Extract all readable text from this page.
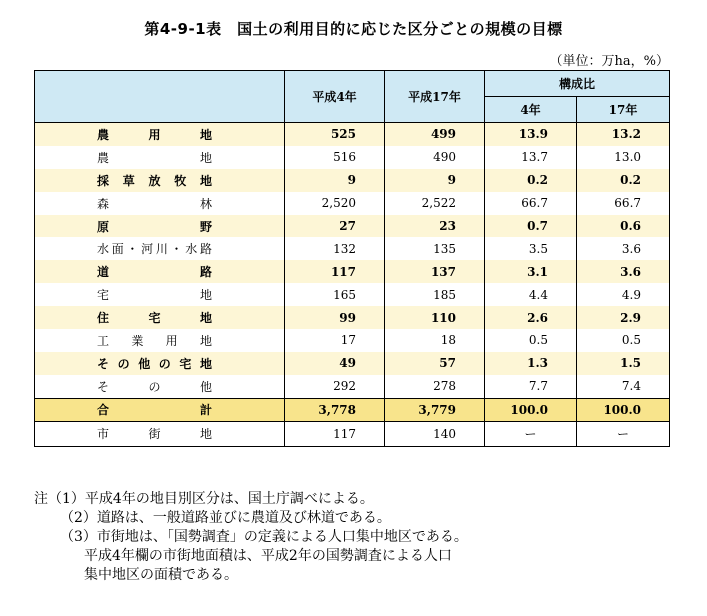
第4-9-1表　国土の利用目的に応じた区分ごとの規模の目標
（単位：万ha，%）
	平成4年	平成17年	構成比	
			4年	17年
農用地	525	499	13.9	13.2
農地	516	490	13.7	13.0
採草放牧地	9	9	0.2	0.2
森林	2,520	2,522	66.7	66.7
原野	27	23	0.7	0.6
水面・河川・水路	132	135	3.5	3.6
道路	117	137	3.1	3.6
宅地	165	185	4.4	4.9
住宅地	99	110	2.6	2.9
工業用地	17	18	0.5	0.5
その他の宅地	49	57	1.3	1.5
その他	292	278	7.7	7.4
合計	3,778	3,779	100.0	100.0
市街地	117	140	ー	ー
注（1）平成4年の地目別区分は、国土庁調べによる。
（2）道路は、一般道路並びに農道及び林道である。
（3）市街地は、「国勢調査」の定義による人口集中地区である。
平成4年欄の市街地面積は、平成2年の国勢調査による人口
集中地区の面積である。
